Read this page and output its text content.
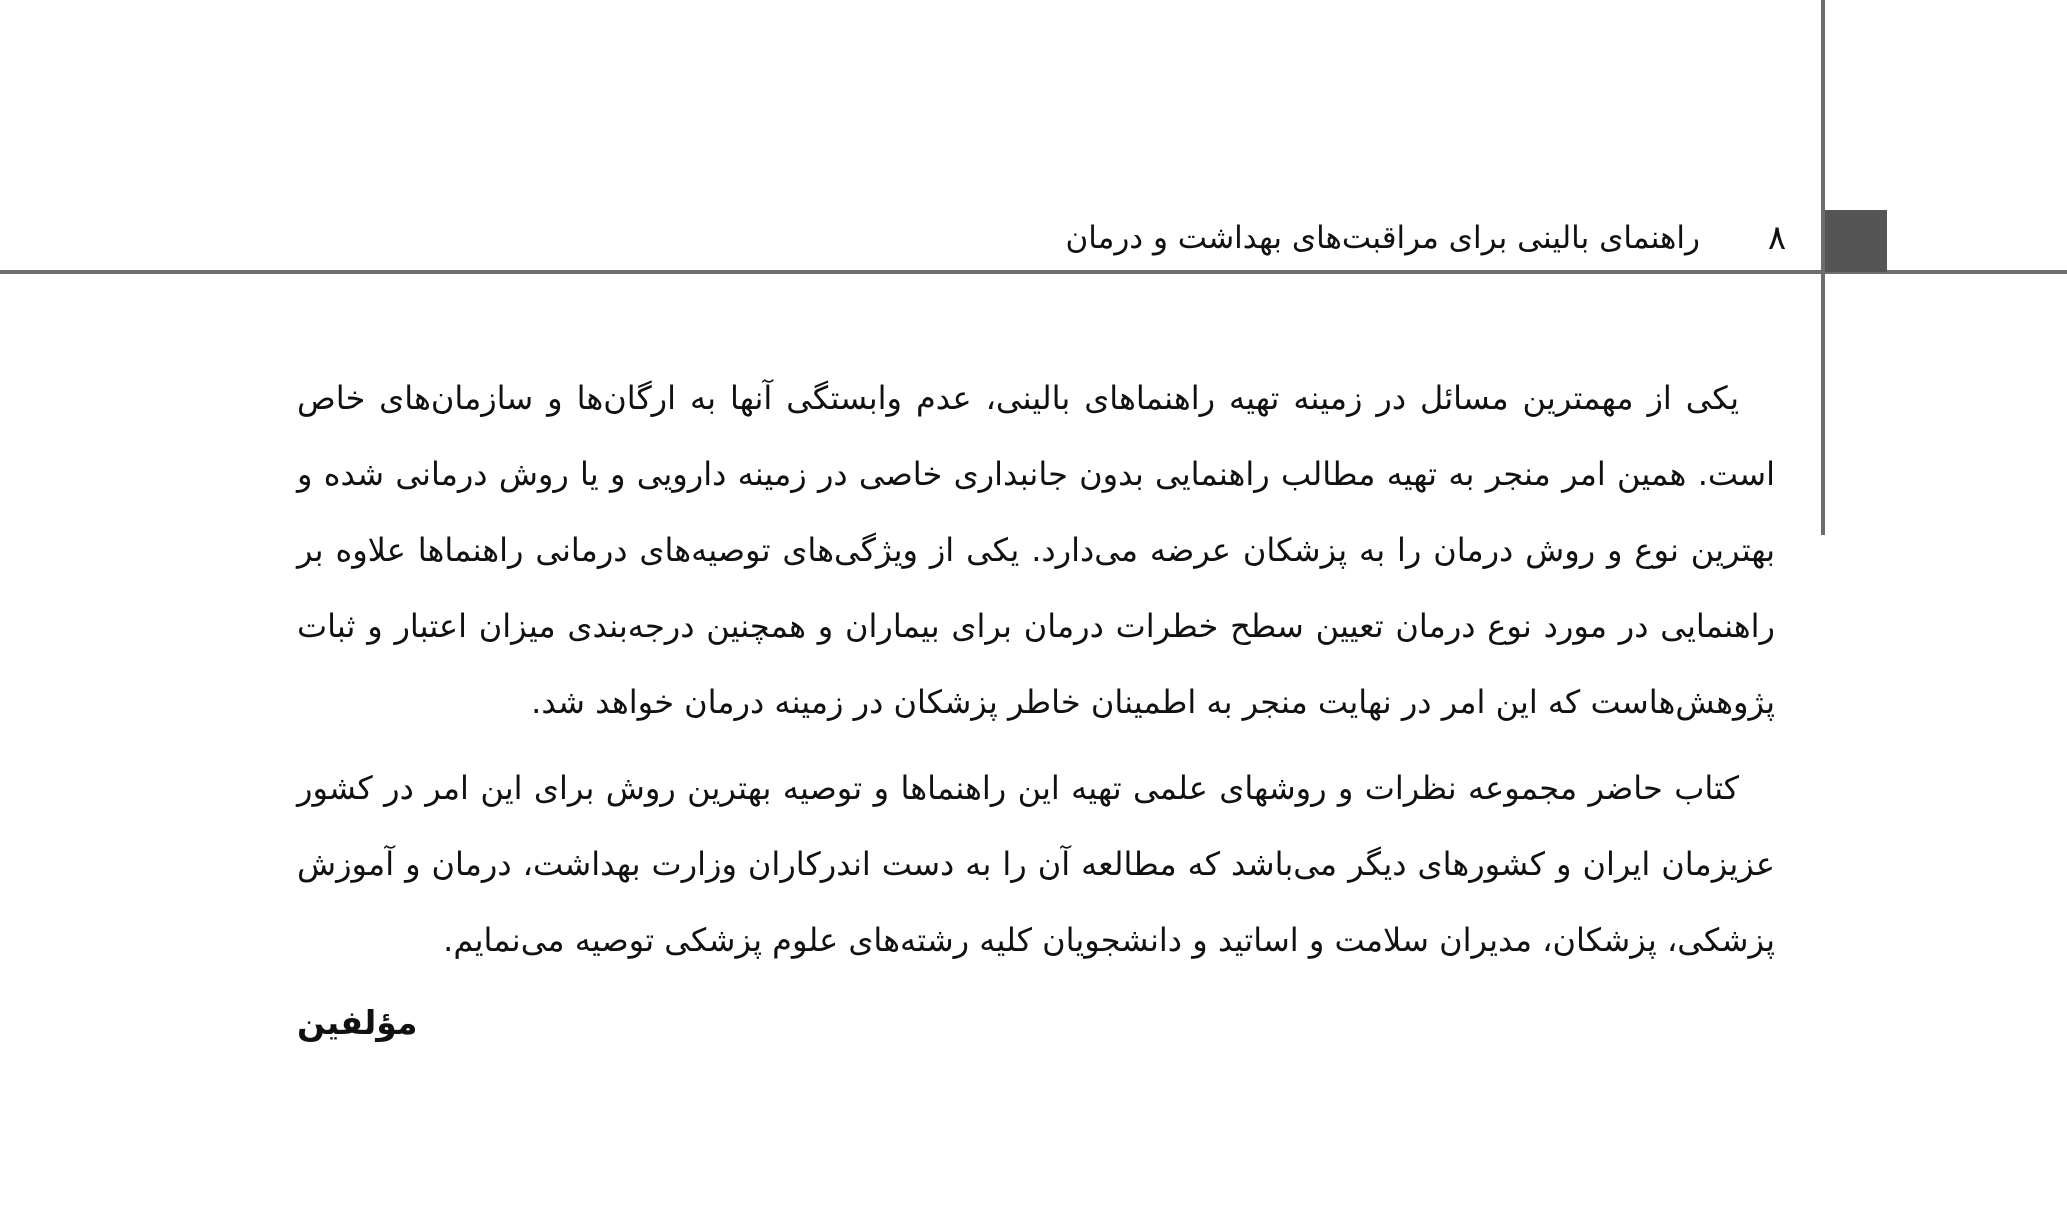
۸
راهنمای بالینی برای مراقبت‌های بهداشت و درمان

یکی از مهمترین مسائل در زمینه تهیه راهنماهای بالینی، عدم وابستگی آنها به ارگان‌ها و سازمان‌های خاص است. همین امر منجر به تهیه مطالب راهنمایی بدون جانبداری خاصی در زمینه دارویی و یا روش درمانی شده و بهترین نوع و روش درمان را به پزشکان عرضه می‌دارد. یکی از ویژگی‌های توصیه‌های درمانی راهنماها علاوه بر راهنمایی در مورد نوع درمان تعیین سطح خطرات درمان برای بیماران و همچنین درجه‌بندی میزان اعتبار و ثبات پژوهش‌هاست که این امر در نهایت منجر به اطمینان خاطر پزشکان در زمینه درمان خواهد شد.

کتاب حاضر مجموعه نظرات و روشهای علمی تهیه این راهنماها و توصیه بهترین روش برای این امر در کشور عزیزمان ایران و کشورهای دیگر می‌باشد که مطالعه آن را به دست اندرکاران وزارت بهداشت، درمان و آموزش پزشکی، پزشکان، مدیران سلامت و اساتید و دانشجویان کلیه رشته‌های علوم پزشکی توصیه می‌نمایم.

مؤلفین
